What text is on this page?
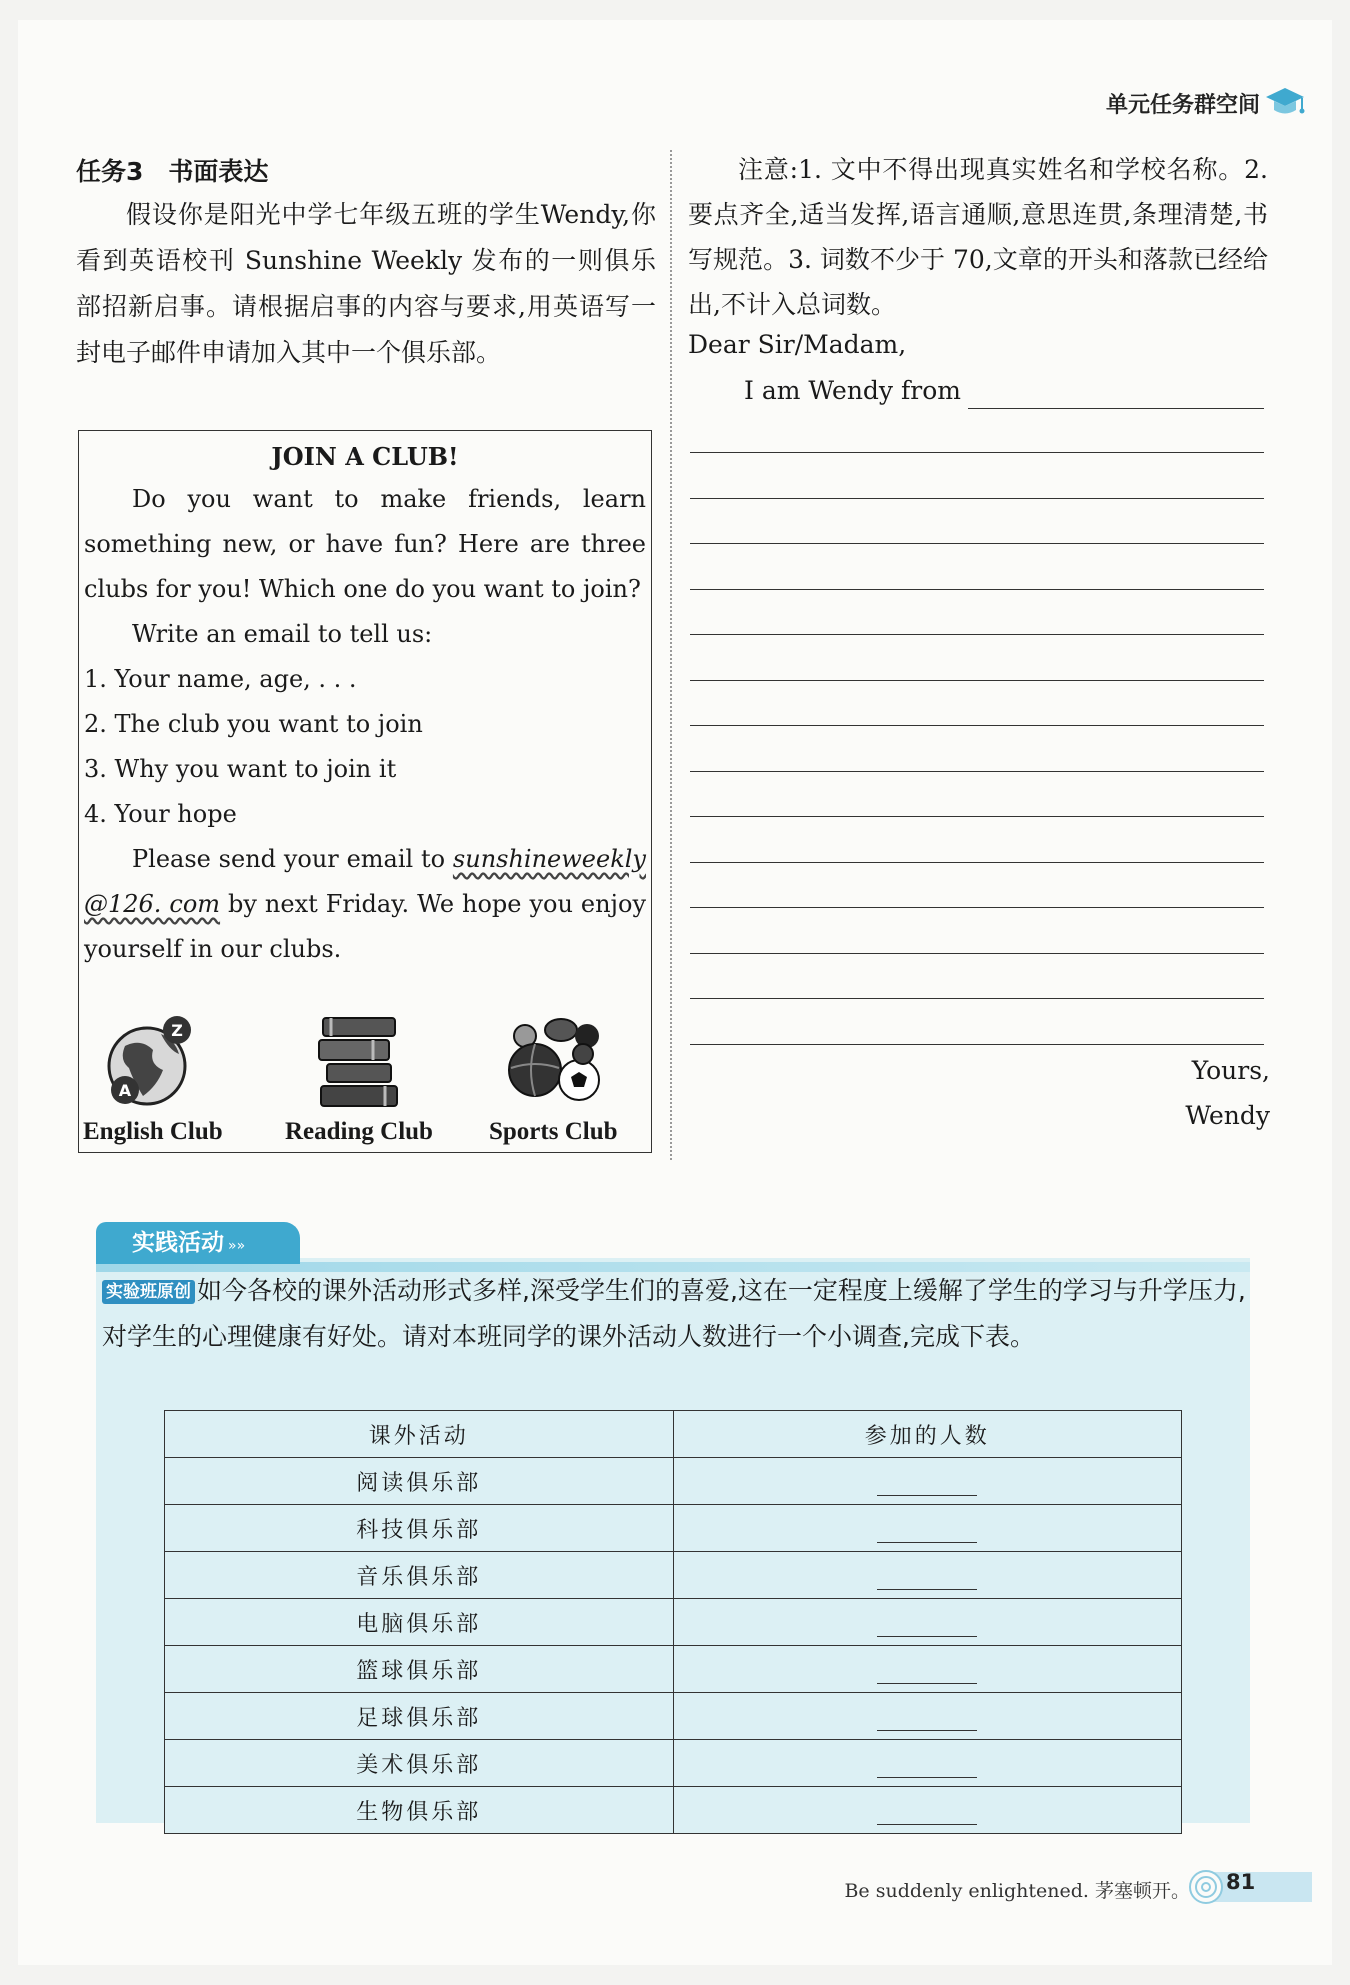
单元任务群空间
任务3　书面表达

假设你是阳光中学七年级五班的学生Wendy,你看到英语校刊 Sunshine Weekly 发布的一则俱乐部招新启事。请根据启事的内容与要求,用英语写一封电子邮件申请加入其中一个俱乐部。

JOIN A CLUB!

Do you want to make friends, learn something new, or have fun? Here are three clubs for you! Which one do you want to join?

Write an email to tell us:

1. Your name, age, . . .
2. The club you want to join
3. Why you want to join it
4. Your hope

Please send your email to sunshineweekly @126. com by next Friday. We hope you enjoy yourself in our clubs.

Z
A
English Club Reading Club Sports Club

注意:1. 文中不得出现真实姓名和学校名称。2. 要点齐全,适当发挥,语言通顺,意思连贯,条理清楚,书写规范。3. 词数不少于 70,文章的开头和落款已经给出,不计入总词数。

Dear Sir/Madam,
I am Wendy from
Yours,
Wendy
实践活动 »»

实验班原创 如今各校的课外活动形式多样,深受学生们的喜爱,这在一定程度上缓解了学生的学习与升学压力,对学生的心理健康有好处。请对本班同学的课外活动人数进行一个小调查,完成下表。

课外活动	参加的人数
阅读俱乐部	
科技俱乐部	
音乐俱乐部	
电脑俱乐部	
篮球俱乐部	
足球俱乐部	
美术俱乐部	
生物俱乐部	
Be suddenly enlightened. 茅塞顿开。 81
